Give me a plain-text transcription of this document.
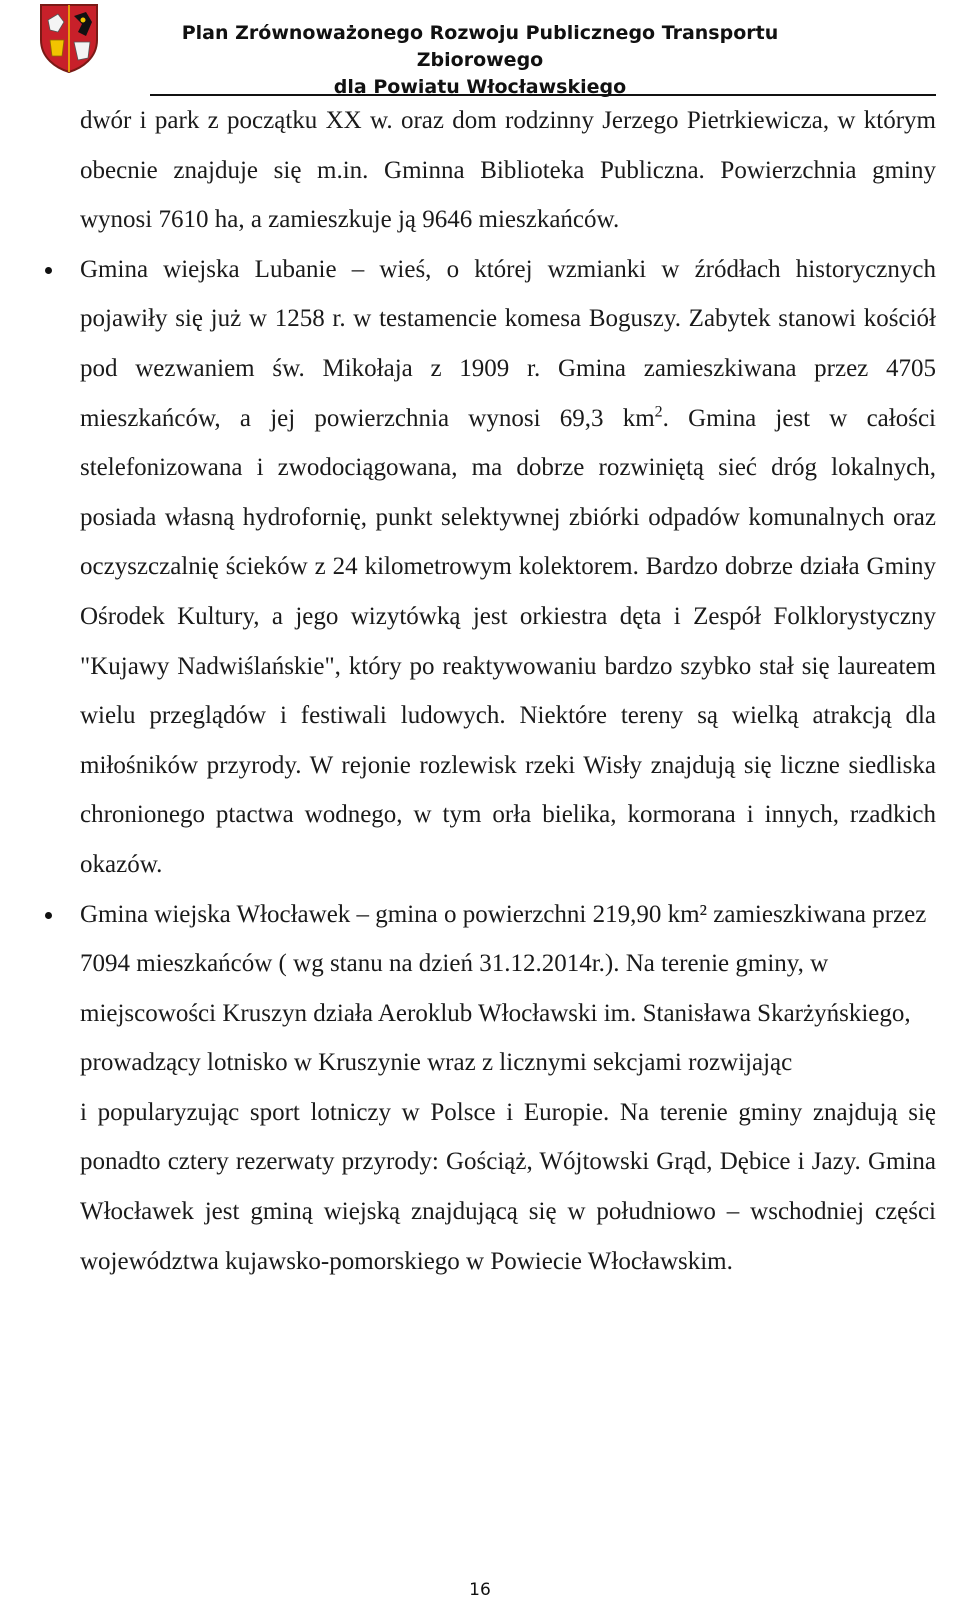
Plan Zrównoważonego Rozwoju Publicznego Transportu Zbiorowego
dla Powiatu Włocławskiego

dwór i park z początku XX w. oraz dom rodzinny Jerzego Pietrkiewicza, w którym obecnie znajduje się m.in. Gminna Biblioteka Publiczna. Powierzchnia gminy wynosi 7610 ha, a zamieszkuje ją 9646 mieszkańców.

Gmina wiejska Lubanie – wieś, o której wzmianki w źródłach historycznych pojawiły się już w 1258 r. w testamencie komesa Boguszy. Zabytek stanowi kościół pod wezwaniem św. Mikołaja z 1909 r. Gmina zamieszkiwana przez 4705 mieszkańców, a jej powierzchnia wynosi 69,3 $km^2$. Gmina jest w całości stelefonizowana i zwodociągowana, ma dobrze rozwiniętą sieć dróg lokalnych, posiada własną hydrofornię, punkt selektywnej zbiórki odpadów komunalnych oraz oczyszczalnię ścieków z 24 kilometrowym kolektorem. Bardzo dobrze działa Gminy Ośrodek Kultury, a jego wizytówką jest orkiestra dęta i Zespół Folklorystyczny "Kujawy Nadwiślańskie", który po reaktywowaniu bardzo szybko stał się laureatem wielu przeglądów i festiwali ludowych. Niektóre tereny są wielką atrakcją dla miłośników przyrody. W rejonie rozlewisk rzeki Wisły znajdują się liczne siedliska chronionego ptactwa wodnego, w tym orła bielika, kormorana i innych, rzadkich okazów.
Gmina wiejska Włocławek – gmina o powierzchni 219,90 km² zamieszkiwana przez 7094 mieszkańców ( wg stanu na dzień 31.12.2014r.). Na terenie gminy, w miejscowości Kruszyn działa Aeroklub Włocławski im. Stanisława Skarżyńskiego, prowadzący lotnisko w Kruszynie wraz z licznymi sekcjami rozwijając
i popularyzując sport lotniczy w Polsce i Europie. Na terenie gminy znajdują się ponadto cztery rezerwaty przyrody: Gościąż, Wójtowski Grąd, Dębice i Jazy. Gmina Włocławek jest gminą wiejską znajdującą się w południowo – wschodniej części województwa kujawsko-pomorskiego w Powiecie Włocławskim.
16
